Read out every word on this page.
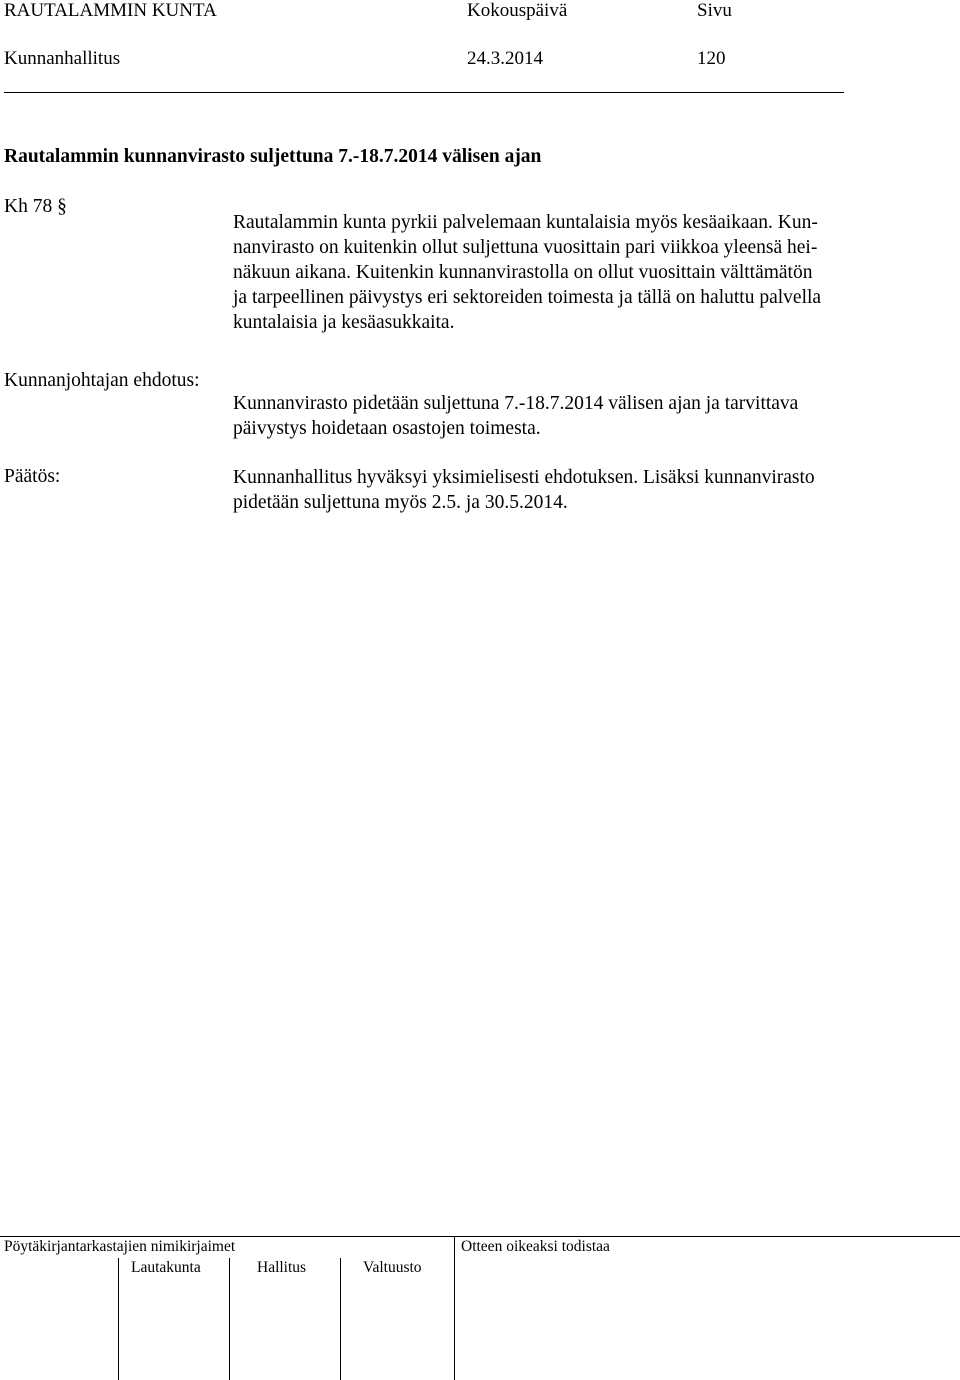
RAUTALAMMIN KUNTA	Kokouspäivä	Sivu
Kunnanhallitus	24.3.2014	120
Rautalammin kunnanvirasto suljettuna 7.-18.7.2014 välisen ajan
Kh 78 §

Rautalammin kunta pyrkii palvelemaan kuntalaisia myös kesäaikaan. Kun-

nanvirasto on kuitenkin ollut suljettuna vuosittain pari viikkoa yleensä hei-

näkuun aikana. Kuitenkin kunnanvirastolla on ollut vuosittain välttämätön

ja tarpeellinen päivystys eri sektoreiden toimesta ja tällä on haluttu palvella

kuntalaisia ja kesäasukkaita.

Kunnanjohtajan ehdotus:

Kunnanvirasto pidetään suljettuna 7.-18.7.2014 välisen ajan ja tarvittava

päivystys hoidetaan osastojen toimesta.

Päätös:	Kunnanhallitus hyväksyi yksimielisesti ehdotuksen. Lisäksi kunnanvirasto

pidetään suljettuna myös 2.5. ja 30.5.2014.

Pöytäkirjantarkastajien nimikirjaimet	Otteen oikeaksi todistaa
Lautakunta	Hallitus	Valtuusto
